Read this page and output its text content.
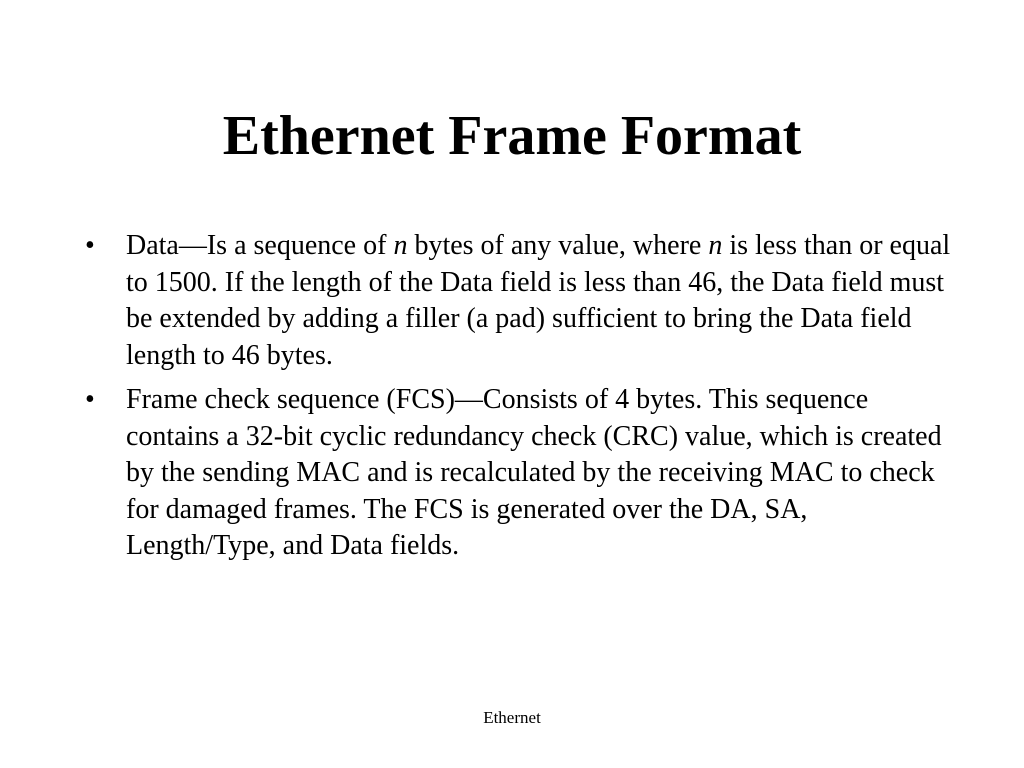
Ethernet Frame Format
•	Data—Is a sequence of n bytes of any value, where n is less than or equal to 1500. If the length of the Data field is less than 46, the Data field must be extended by adding a filler (a pad) sufficient to bring the Data field length to 46 bytes.
•	Frame check sequence (FCS)—Consists of 4 bytes. This sequence contains a 32-bit cyclic redundancy check (CRC) value, which is created by the sending MAC and is recalculated by the receiving MAC to check for damaged frames. The FCS is generated over the DA, SA, Length/Type, and Data fields.
Ethernet
